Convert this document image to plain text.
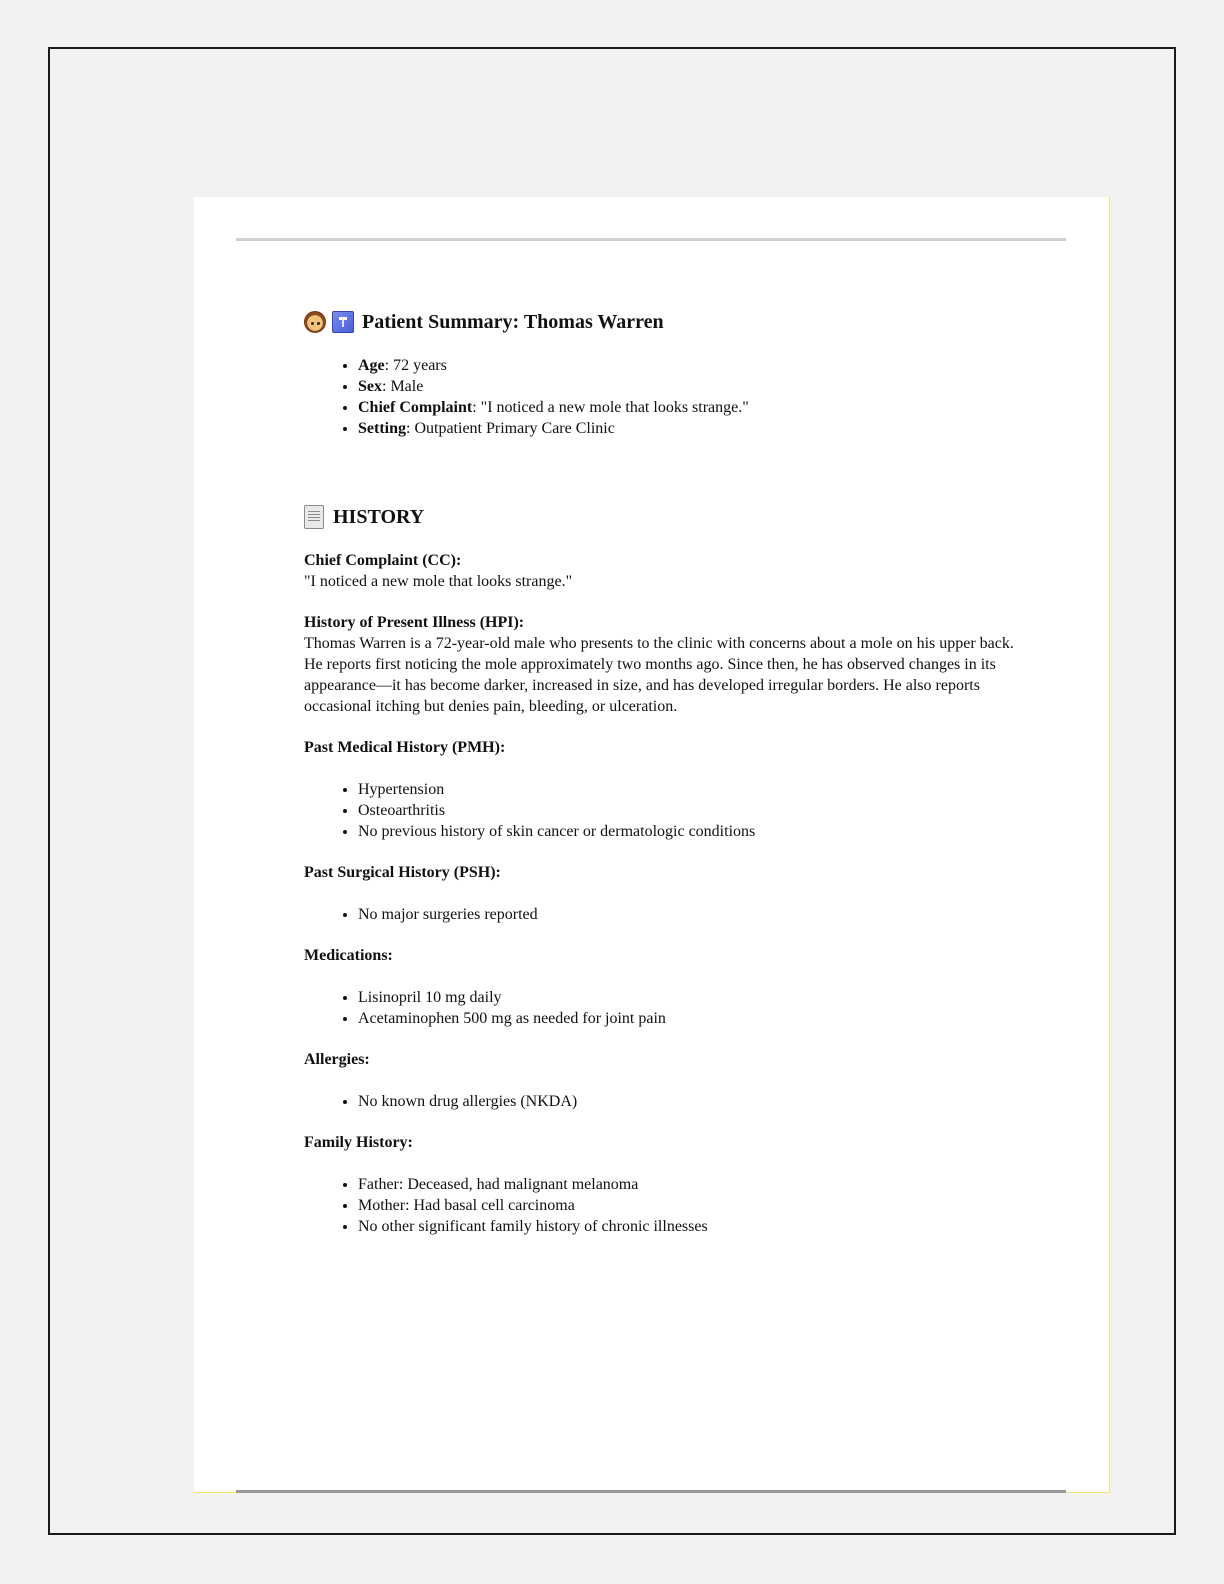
Patient Summary: Thomas Warren
• Age: 72 years
• Sex: Male
• Chief Complaint: "I noticed a new mole that looks strange."
• Setting: Outpatient Primary Care Clinic
HISTORY

Chief Complaint (CC):

"I noticed a new mole that looks strange."

History of Present Illness (HPI):

Thomas Warren is a 72-year-old male who presents to the clinic with concerns about a mole on his upper back. He reports first noticing the mole approximately two months ago. Since then, he has observed changes in its appearance—it has become darker, increased in size, and has developed irregular borders. He also reports occasional itching but denies pain, bleeding, or ulceration.

Past Medical History (PMH):

• Hypertension
• Osteoarthritis
• No previous history of skin cancer or dermatologic conditions

Past Surgical History (PSH):

• No major surgeries reported

Medications:

• Lisinopril 10 mg daily
• Acetaminophen 500 mg as needed for joint pain

Allergies:

• No known drug allergies (NKDA)

Family History:

• Father: Deceased, had malignant melanoma
• Mother: Had basal cell carcinoma
• No other significant family history of chronic illnesses
